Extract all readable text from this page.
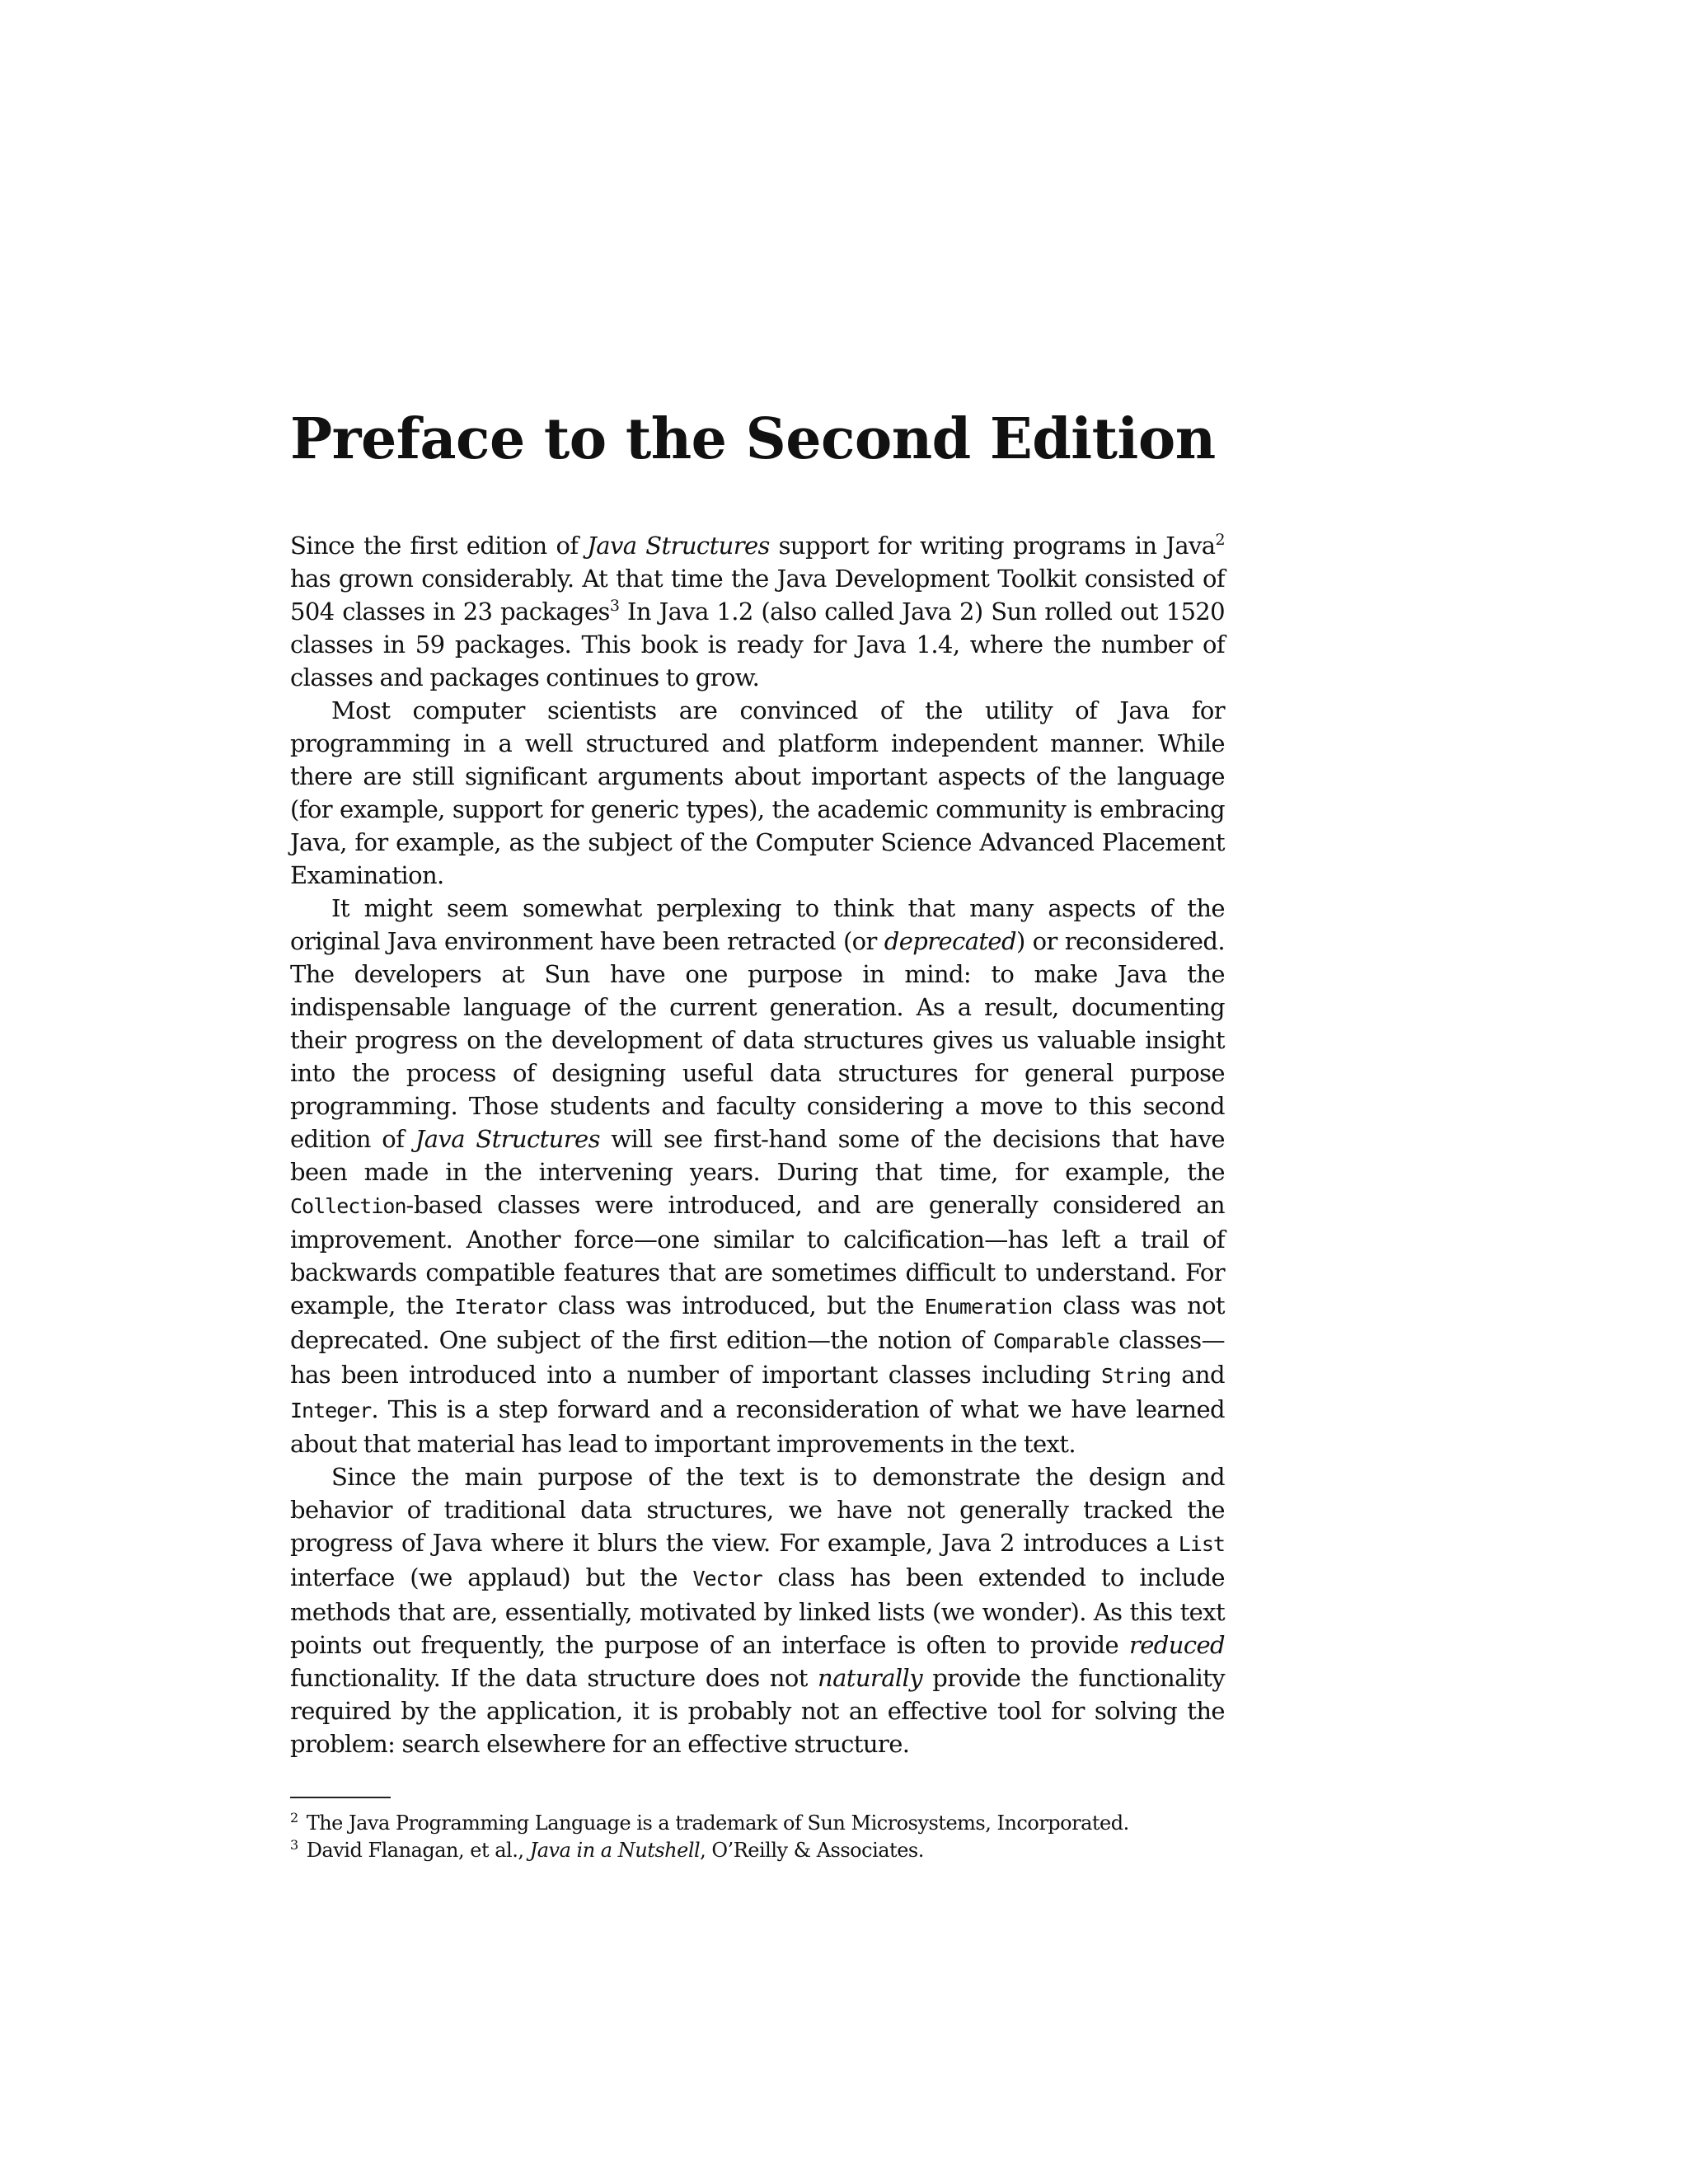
Preface to the Second Edition

Since the first edition of Java Structures support for writing programs in Java$^2$ has grown considerably. At that time the Java Development Toolkit consisted of 504 classes in 23 packages$^3$ In Java 1.2 (also called Java 2) Sun rolled out 1520 classes in 59 packages. This book is ready for Java 1.4, where the number of classes and packages continues to grow.

Most computer scientists are convinced of the utility of Java for programming in a well structured and platform independent manner. While there are still significant arguments about important aspects of the language (for example, support for generic types), the academic community is embracing Java, for example, as the subject of the Computer Science Advanced Placement Examination.

It might seem somewhat perplexing to think that many aspects of the original Java environment have been retracted (or deprecated) or reconsidered. The developers at Sun have one purpose in mind: to make Java the indispensable language of the current generation. As a result, documenting their progress on the development of data structures gives us valuable insight into the process of designing useful data structures for general purpose programming. Those students and faculty considering a move to this second edition of Java Structures will see first-hand some of the decisions that have been made in the intervening years. During that time, for example, the Collection-based classes were introduced, and are generally considered an improvement. Another force—one similar to calcification—has left a trail of backwards compatible features that are sometimes difficult to understand. For example, the Iterator class was introduced, but the Enumeration class was not deprecated. One subject of the first edition—the notion of Comparable classes—has been introduced into a number of important classes including String and Integer. This is a step forward and a reconsideration of what we have learned about that material has lead to important improvements in the text.

Since the main purpose of the text is to demonstrate the design and behavior of traditional data structures, we have not generally tracked the progress of Java where it blurs the view. For example, Java 2 introduces a List interface (we applaud) but the Vector class has been extended to include methods that are, essentially, motivated by linked lists (we wonder). As this text points out frequently, the purpose of an interface is often to provide reduced functionality. If the data structure does not naturally provide the functionality required by the application, it is probably not an effective tool for solving the problem: search elsewhere for an effective structure.

$^2$ The Java Programming Language is a trademark of Sun Microsystems, Incorporated.

$^3$ David Flanagan, et al., Java in a Nutshell, O’Reilly & Associates.
